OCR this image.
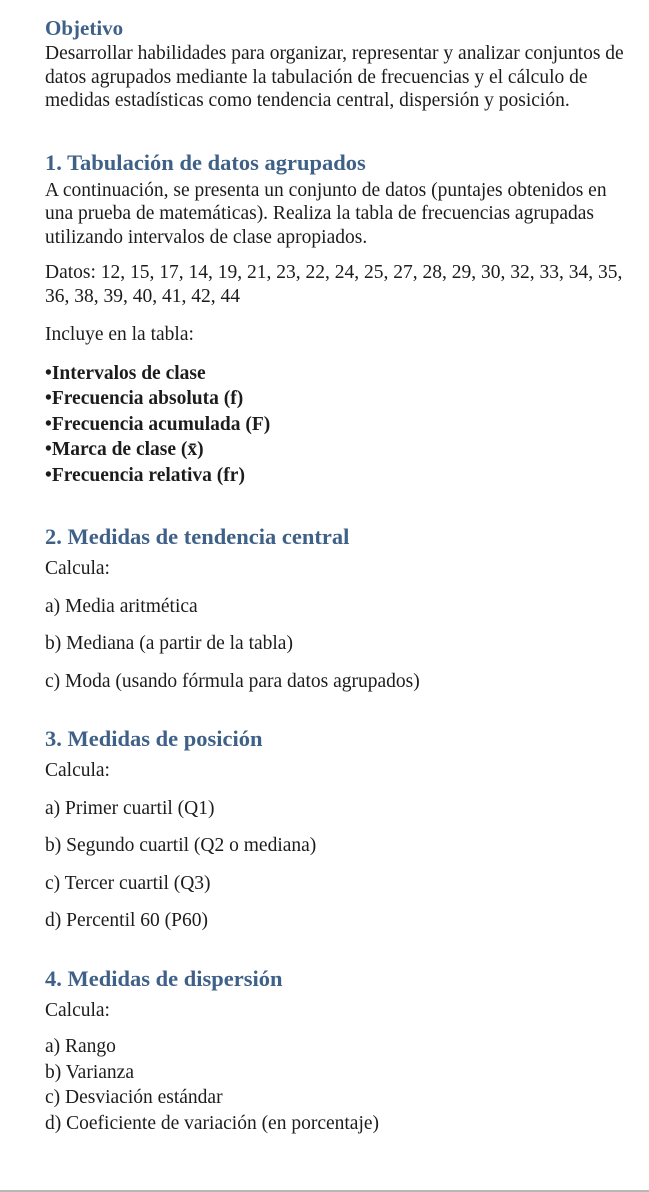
Objetivo

Desarrollar habilidades para organizar, representar y analizar conjuntos de datos agrupados mediante la tabulación de frecuencias y el cálculo de medidas estadísticas como tendencia central, dispersión y posición.

1. Tabulación de datos agrupados

A continuación, se presenta un conjunto de datos (puntajes obtenidos en una prueba de matemáticas). Realiza la tabla de frecuencias agrupadas utilizando intervalos de clase apropiados.

Datos: 12, 15, 17, 14, 19, 21, 23, 22, 24, 25, 27, 28, 29, 30, 32, 33, 34, 35, 36, 38, 39, 40, 41, 42, 44

Incluye en la tabla:

• Intervalos de clase
• Frecuencia absoluta (f)
• Frecuencia acumulada (F)
• Marca de clase (x̄)
• Frecuencia relativa (fr)
2. Medidas de tendencia central

Calcula:

a) Media aritmética

b) Mediana (a partir de la tabla)

c) Moda (usando fórmula para datos agrupados)

3. Medidas de posición

Calcula:

a) Primer cuartil (Q1)

b) Segundo cuartil (Q2 o mediana)

c) Tercer cuartil (Q3)

d) Percentil 60 (P60)

4. Medidas de dispersión

Calcula:

a) Rango

b) Varianza

c) Desviación estándar

d) Coeficiente de variación (en porcentaje)
